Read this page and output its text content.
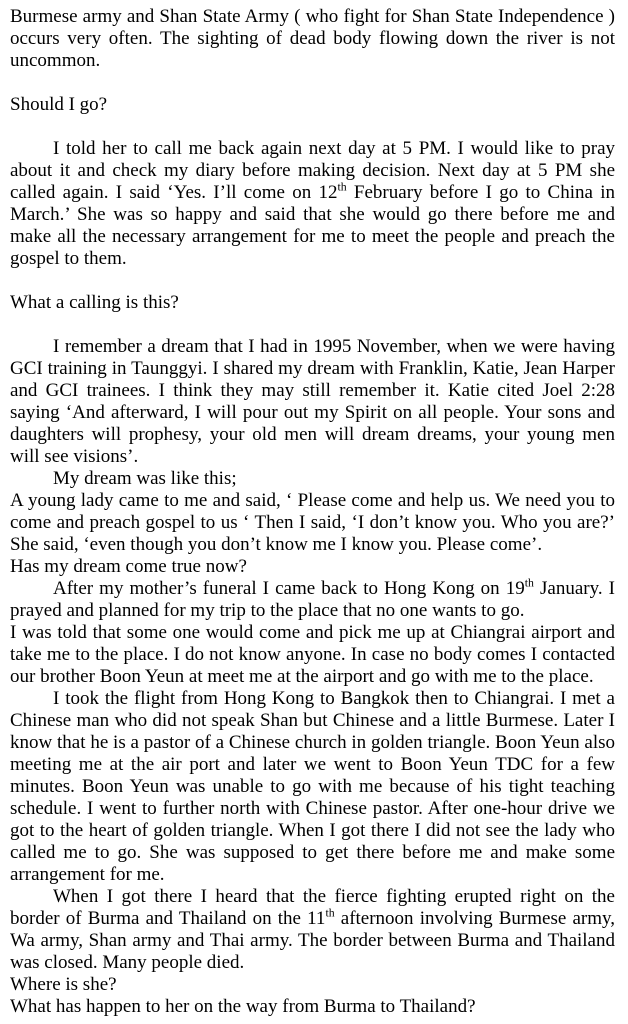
Burmese army and Shan State Army ( who fight for Shan State Independence ) occurs very often. The sighting of dead body flowing down the river is not uncommon.

Should I go?

I told her to call me back again next day at 5 PM. I would like to pray about it and check my diary before making decision. Next day at 5 PM she called again. I said ‘Yes. I’ll come on 12th February before I go to China in March.’ She was so happy and said that she would go there before me and make all the necessary arrangement for me to meet the people and preach the gospel to them.

What a calling is this?

I remember a dream that I had in 1995 November, when we were having GCI training in Taunggyi. I shared my dream with Franklin, Katie, Jean Harper and GCI trainees. I think they may still remember it. Katie cited Joel 2:28 saying ‘And afterward, I will pour out my Spirit on all people. Your sons and daughters will prophesy, your old men will dream dreams, your young men will see visions’.

My dream was like this;

A young lady came to me and said, ‘ Please come and help us. We need you to come and preach gospel to us ‘ Then I said, ‘I don’t know you. Who you are?’ She said, ‘even though you don’t know me I know you. Please come’.

Has my dream come true now?

After my mother’s funeral I came back to Hong Kong on 19th January. I prayed and planned for my trip to the place that no one wants to go.

I was told that some one would come and pick me up at Chiangrai airport and take me to the place. I do not know anyone. In case no body comes I contacted our brother Boon Yeun at meet me at the airport and go with me to the place.

I took the flight from Hong Kong to Bangkok then to Chiangrai. I met a Chinese man who did not speak Shan but Chinese and a little Burmese. Later I know that he is a pastor of a Chinese church in golden triangle. Boon Yeun also meeting me at the air port and later we went to Boon Yeun TDC for a few minutes. Boon Yeun was unable to go with me because of his tight teaching schedule. I went to further north with Chinese pastor. After one-hour drive we got to the heart of golden triangle. When I got there I did not see the lady who called me to go. She was supposed to get there before me and make some arrangement for me.

When I got there I heard that the fierce fighting erupted right on the border of Burma and Thailand on the 11th afternoon involving Burmese army, Wa army, Shan army and Thai army. The border between Burma and Thailand was closed. Many people died.

Where is she?

What has happen to her on the way from Burma to Thailand?
